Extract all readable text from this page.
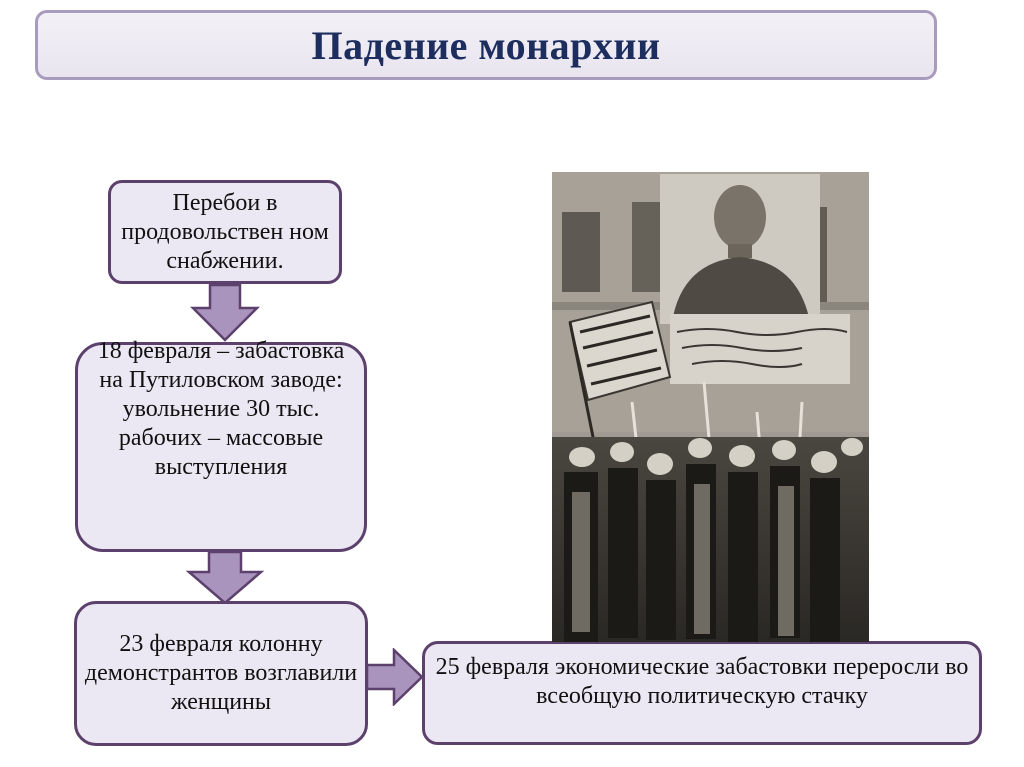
Падение монархии
Перебои в продовольствен ном снабжении.
18 февраля – забастовка на Путиловском заводе: увольнение 30 тыс. рабочих – массовые выступления
23 февраля колонну демонстрантов возглавили женщины
25 февраля экономические забастовки переросли во всеобщую политическую стачку
